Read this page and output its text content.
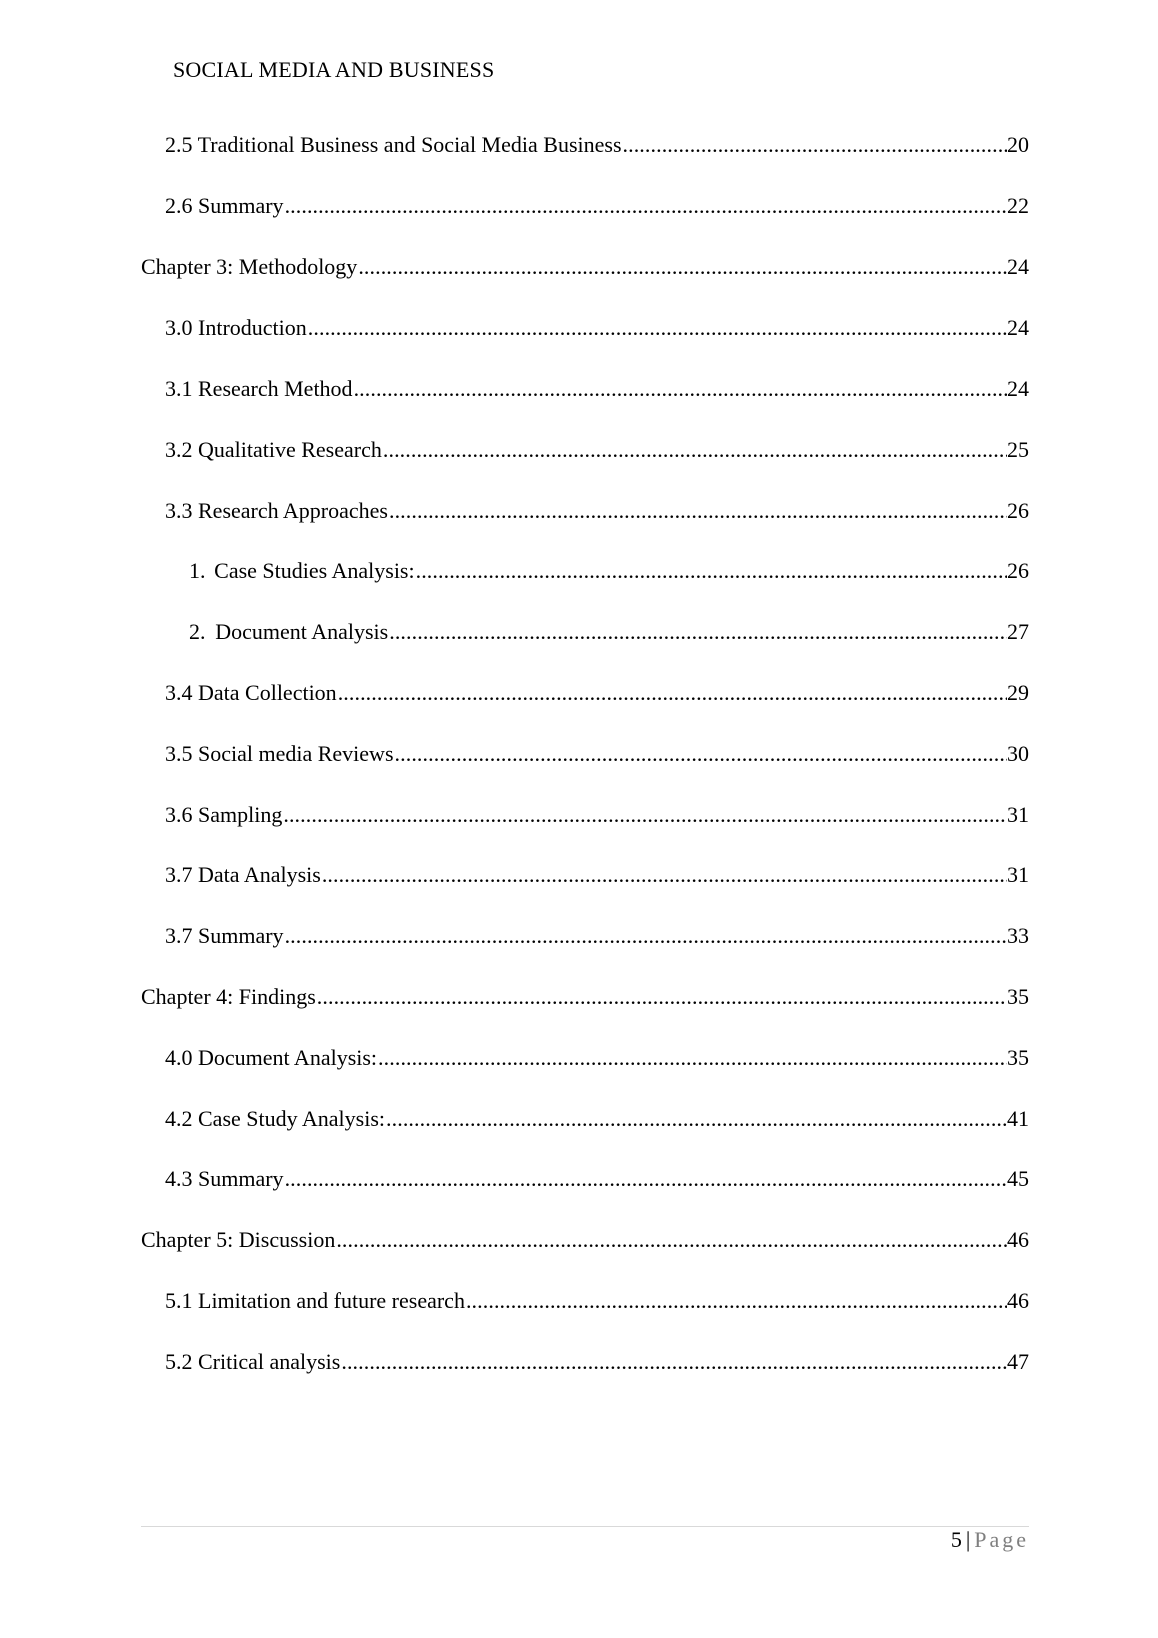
SOCIAL MEDIA AND BUSINESS
2.5 Traditional Business and Social Media Business .....	20
2.6 Summary .....	22
Chapter 3: Methodology .....	24
3.0 Introduction .....	24
3.1 Research Method .....	24
3.2 Qualitative Research .....	25
3.3 Research Approaches .....	26
1. Case Studies Analysis: .....	26
2. Document Analysis .....	27
3.4 Data Collection .....	29
3.5 Social media Reviews .....	30
3.6 Sampling .....	31
3.7 Data Analysis .....	31
3.7 Summary .....	33
Chapter 4: Findings .....	35
4.0 Document Analysis: .....	35
4.2 Case Study Analysis: .....	41
4.3 Summary .....	45
Chapter 5: Discussion .....	46
5.1 Limitation and future research .....	46
5.2 Critical analysis .....	47
5 | Page
